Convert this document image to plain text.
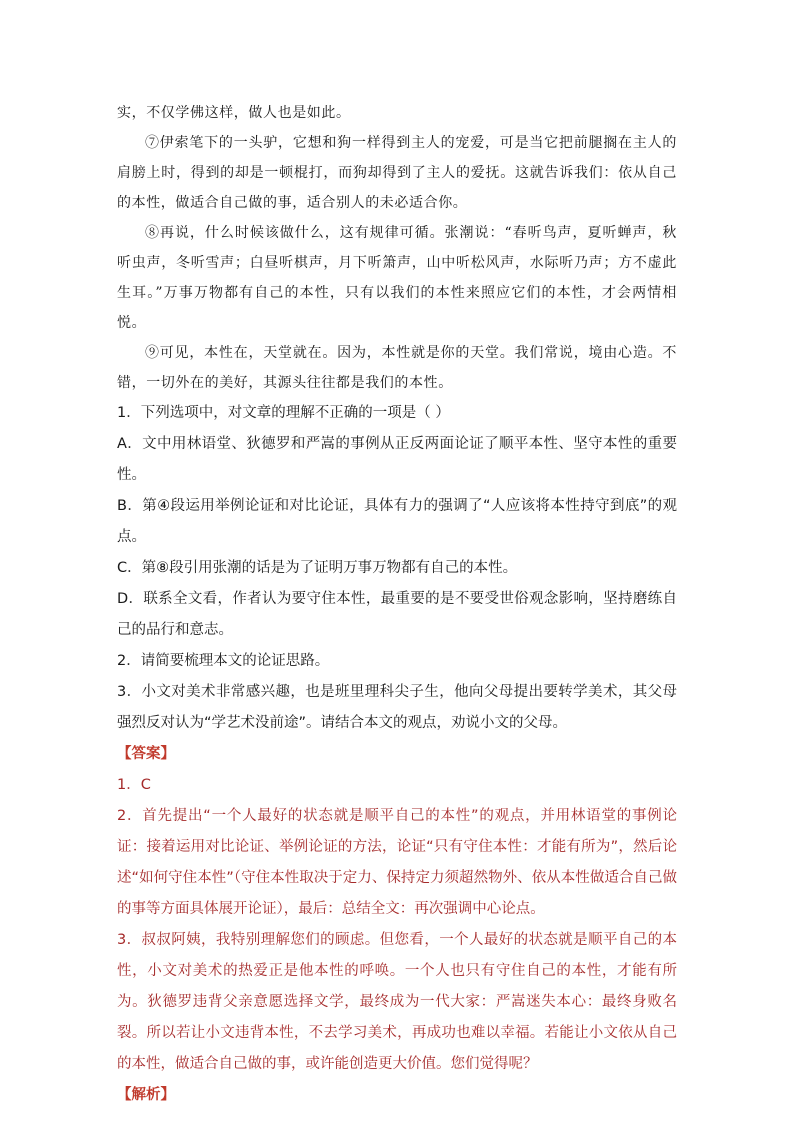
实，不仅学佛这样，做人也是如此。

⑦伊索笔下的一头驴，它想和狗一样得到主人的宠爱，可是当它把前腿搁在主人的肩膀上时，得到的却是一顿棍打，而狗却得到了主人的爱抚。这就告诉我们：依从自己的本性，做适合自己做的事，适合别人的未必适合你。

⑧再说，什么时候该做什么，这有规律可循。张潮说：“春听鸟声，夏听蝉声，秋听虫声，冬听雪声；白昼听棋声，月下听箫声，山中听松风声，水际听乃声；方不虚此生耳。”万事万物都有自己的本性，只有以我们的本性来照应它们的本性，才会两情相悦。

⑨可见，本性在，天堂就在。因为，本性就是你的天堂。我们常说，境由心造。不错，一切外在的美好，其源头往往都是我们的本性。

1．下列选项中，对文章的理解不正确的一项是（ ）

A．文中用林语堂、狄德罗和严嵩的事例从正反两面论证了顺平本性、坚守本性的重要性。

B．第④段运用举例论证和对比论证，具体有力的强调了“人应该将本性持守到底”的观点。

C．第⑧段引用张潮的话是为了证明万事万物都有自己的本性。

D．联系全文看，作者认为要守住本性，最重要的是不要受世俗观念影响，坚持磨练自己的品行和意志。

2．请简要梳理本文的论证思路。

3．小文对美术非常感兴趣，也是班里理科尖子生，他向父母提出要转学美术，其父母强烈反对认为“学艺术没前途”。请结合本文的观点，劝说小文的父母。

【答案】

1．C

2．首先提出“一个人最好的状态就是顺平自己的本性”的观点，并用林语堂的事例论证：接着运用对比论证、举例论证的方法，论证“只有守住本性：才能有所为”，然后论述“如何守住本性”（守住本性取决于定力、保持定力须超然物外、依从本性做适合自己做的事等方面具体展开论证），最后：总结全文：再次强调中心论点。

3．叔叔阿姨，我特别理解您们的顾虑。但您看，一个人最好的状态就是顺平自己的本性，小文对美术的热爱正是他本性的呼唤。一个人也只有守住自己的本性，才能有所为。狄德罗违背父亲意愿选择文学，最终成为一代大家：严嵩迷失本心：最终身败名裂。所以若让小文违背本性，不去学习美术，再成功也难以幸福。若能让小文依从自己的本性，做适合自己做的事，或许能创造更大价值。您们觉得呢？

【解析】
